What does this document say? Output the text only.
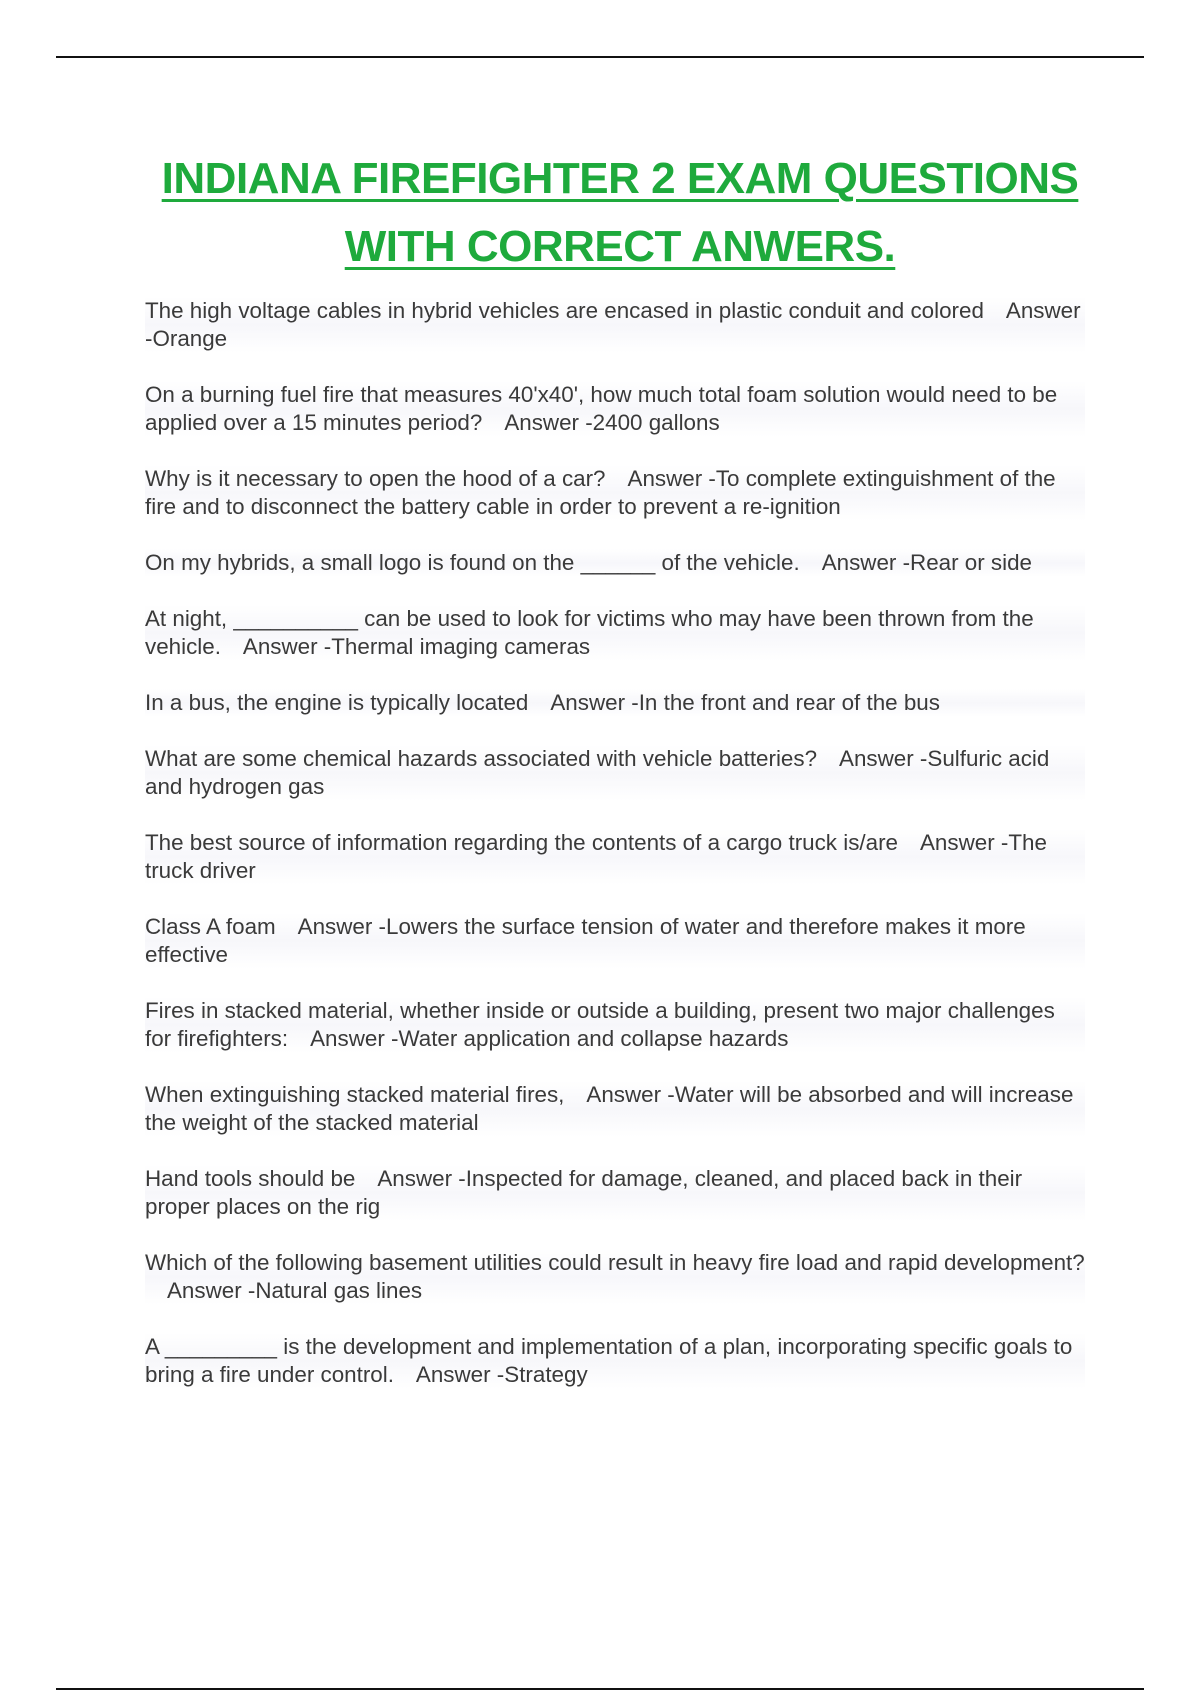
INDIANA FIREFIGHTER 2 EXAM QUESTIONS
WITH CORRECT ANWERS.
The high voltage cables in hybrid vehicles are encased in plastic conduit and colored Answer -Orange
On a burning fuel fire that measures 40'x40', how much total foam solution would need to be applied over a 15 minutes period? Answer -2400 gallons
Why is it necessary to open the hood of a car? Answer -To complete extinguishment of the fire and to disconnect the battery cable in order to prevent a re-ignition
On my hybrids, a small logo is found on the ______ of the vehicle. Answer -Rear or side
At night, __________ can be used to look for victims who may have been thrown from the vehicle. Answer -Thermal imaging cameras
In a bus, the engine is typically located Answer -In the front and rear of the bus
What are some chemical hazards associated with vehicle batteries? Answer -Sulfuric acid and hydrogen gas
The best source of information regarding the contents of a cargo truck is/are Answer -The truck driver
Class A foam Answer -Lowers the surface tension of water and therefore makes it more effective
Fires in stacked material, whether inside or outside a building, present two major challenges for firefighters: Answer -Water application and collapse hazards
When extinguishing stacked material fires, Answer -Water will be absorbed and will increase the weight of the stacked material
Hand tools should be Answer -Inspected for damage, cleaned, and placed back in their proper places on the rig
Which of the following basement utilities could result in heavy fire load and rapid development?Answer -Natural gas lines
A _________ is the development and implementation of a plan, incorporating specific goals to bring a fire under control. Answer -Strategy
